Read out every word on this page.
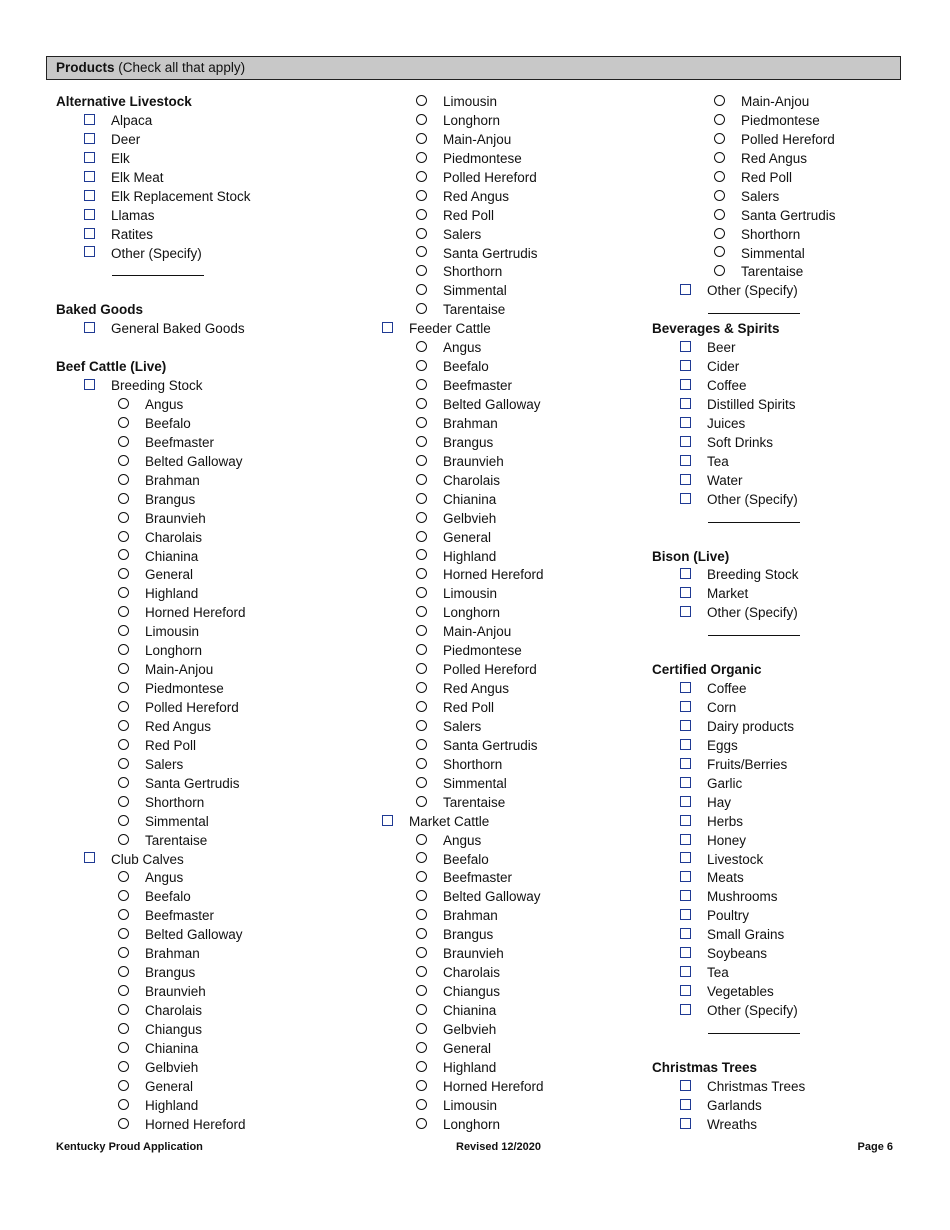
Products (Check all that apply)
Alternative Livestock
Alpaca
Deer
Elk
Elk Meat
Elk Replacement Stock
Llamas
Ratites
Other (Specify)
Baked Goods
General Baked Goods
Beef Cattle (Live)
Breeding Stock
Angus
Beefalo
Beefmaster
Belted Galloway
Brahman
Brangus
Braunvieh
Charolais
Chianina
General
Highland
Horned Hereford
Limousin
Longhorn
Main-Anjou
Piedmontese
Polled Hereford
Red Angus
Red Poll
Salers
Santa Gertrudis
Shorthorn
Simmental
Tarentaise
Club Calves
Angus
Beefalo
Beefmaster
Belted Galloway
Brahman
Brangus
Braunvieh
Charolais
Chiangus
Chianina
Gelbvieh
General
Highland
Horned Hereford
Limousin
Longhorn
Main-Anjou
Piedmontese
Polled Hereford
Red Angus
Red Poll
Salers
Santa Gertrudis
Shorthorn
Simmental
Tarentaise
Feeder Cattle
Angus
Beefalo
Beefmaster
Belted Galloway
Brahman
Brangus
Braunvieh
Charolais
Chianina
Gelbvieh
General
Highland
Horned Hereford
Limousin
Longhorn
Main-Anjou
Piedmontese
Polled Hereford
Red Angus
Red Poll
Salers
Santa Gertrudis
Shorthorn
Simmental
Tarentaise
Market Cattle
Angus
Beefalo
Beefmaster
Belted Galloway
Brahman
Brangus
Braunvieh
Charolais
Chiangus
Chianina
Gelbvieh
General
Highland
Horned Hereford
Limousin
Longhorn
Main-Anjou
Piedmontese
Polled Hereford
Red Angus
Red Poll
Salers
Santa Gertrudis
Shorthorn
Simmental
Tarentaise
Other (Specify)
Beverages & Spirits
Beer
Cider
Coffee
Distilled Spirits
Juices
Soft Drinks
Tea
Water
Other (Specify)
Bison (Live)
Breeding Stock
Market
Other (Specify)
Certified Organic
Coffee
Corn
Dairy products
Eggs
Fruits/Berries
Garlic
Hay
Herbs
Honey
Livestock
Meats
Mushrooms
Poultry
Small Grains
Soybeans
Tea
Vegetables
Other (Specify)
Christmas Trees
Christmas Trees
Garlands
Wreaths
Kentucky Proud Application	Revised 12/2020	Page 6
